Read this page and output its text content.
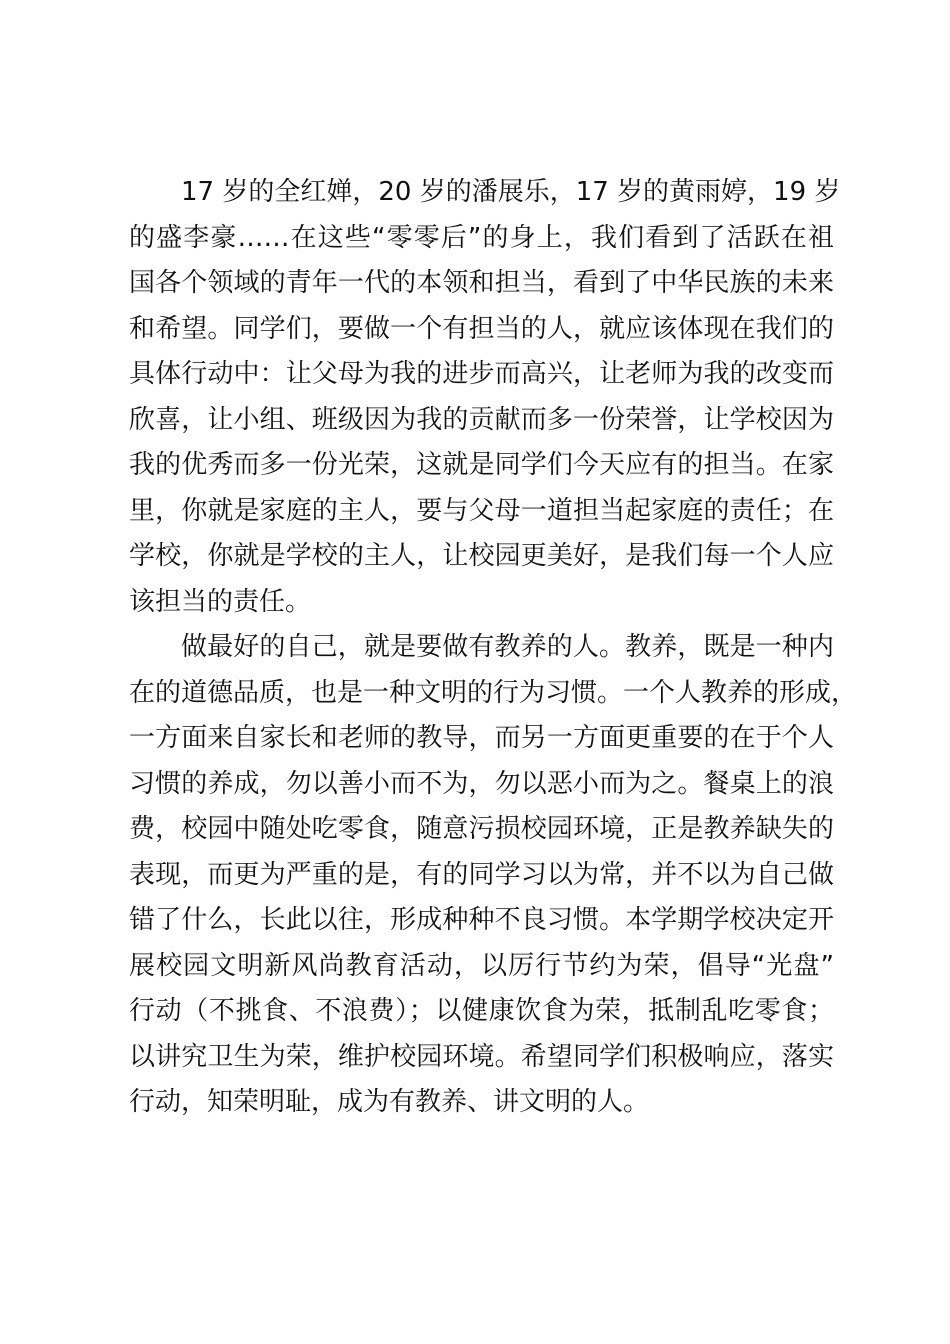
17 岁的全红婵，20 岁的潘展乐，17 岁的黄雨婷，19 岁
的盛李豪……在这些“零零后”的身上，我们看到了活跃在祖
国各个领域的青年一代的本领和担当，看到了中华民族的未来
和希望。同学们，要做一个有担当的人，就应该体现在我们的
具体行动中：让父母为我的进步而高兴，让老师为我的改变而
欣喜，让小组、班级因为我的贡献而多一份荣誉，让学校因为
我的优秀而多一份光荣，这就是同学们今天应有的担当。在家
里，你就是家庭的主人，要与父母一道担当起家庭的责任；在
学校，你就是学校的主人，让校园更美好，是我们每一个人应
该担当的责任。
做最好的自己，就是要做有教养的人。教养，既是一种内
在的道德品质，也是一种文明的行为习惯。一个人教养的形成，
一方面来自家长和老师的教导，而另一方面更重要的在于个人
习惯的养成，勿以善小而不为，勿以恶小而为之。餐桌上的浪
费，校园中随处吃零食，随意污损校园环境，正是教养缺失的
表现，而更为严重的是，有的同学习以为常，并不以为自己做
错了什么，长此以往，形成种种不良习惯。本学期学校决定开
展校园文明新风尚教育活动，以厉行节约为荣，倡导“光盘”
行动（不挑食、不浪费）；以健康饮食为荣，抵制乱吃零食；
以讲究卫生为荣，维护校园环境。希望同学们积极响应，落实
行动，知荣明耻，成为有教养、讲文明的人。
